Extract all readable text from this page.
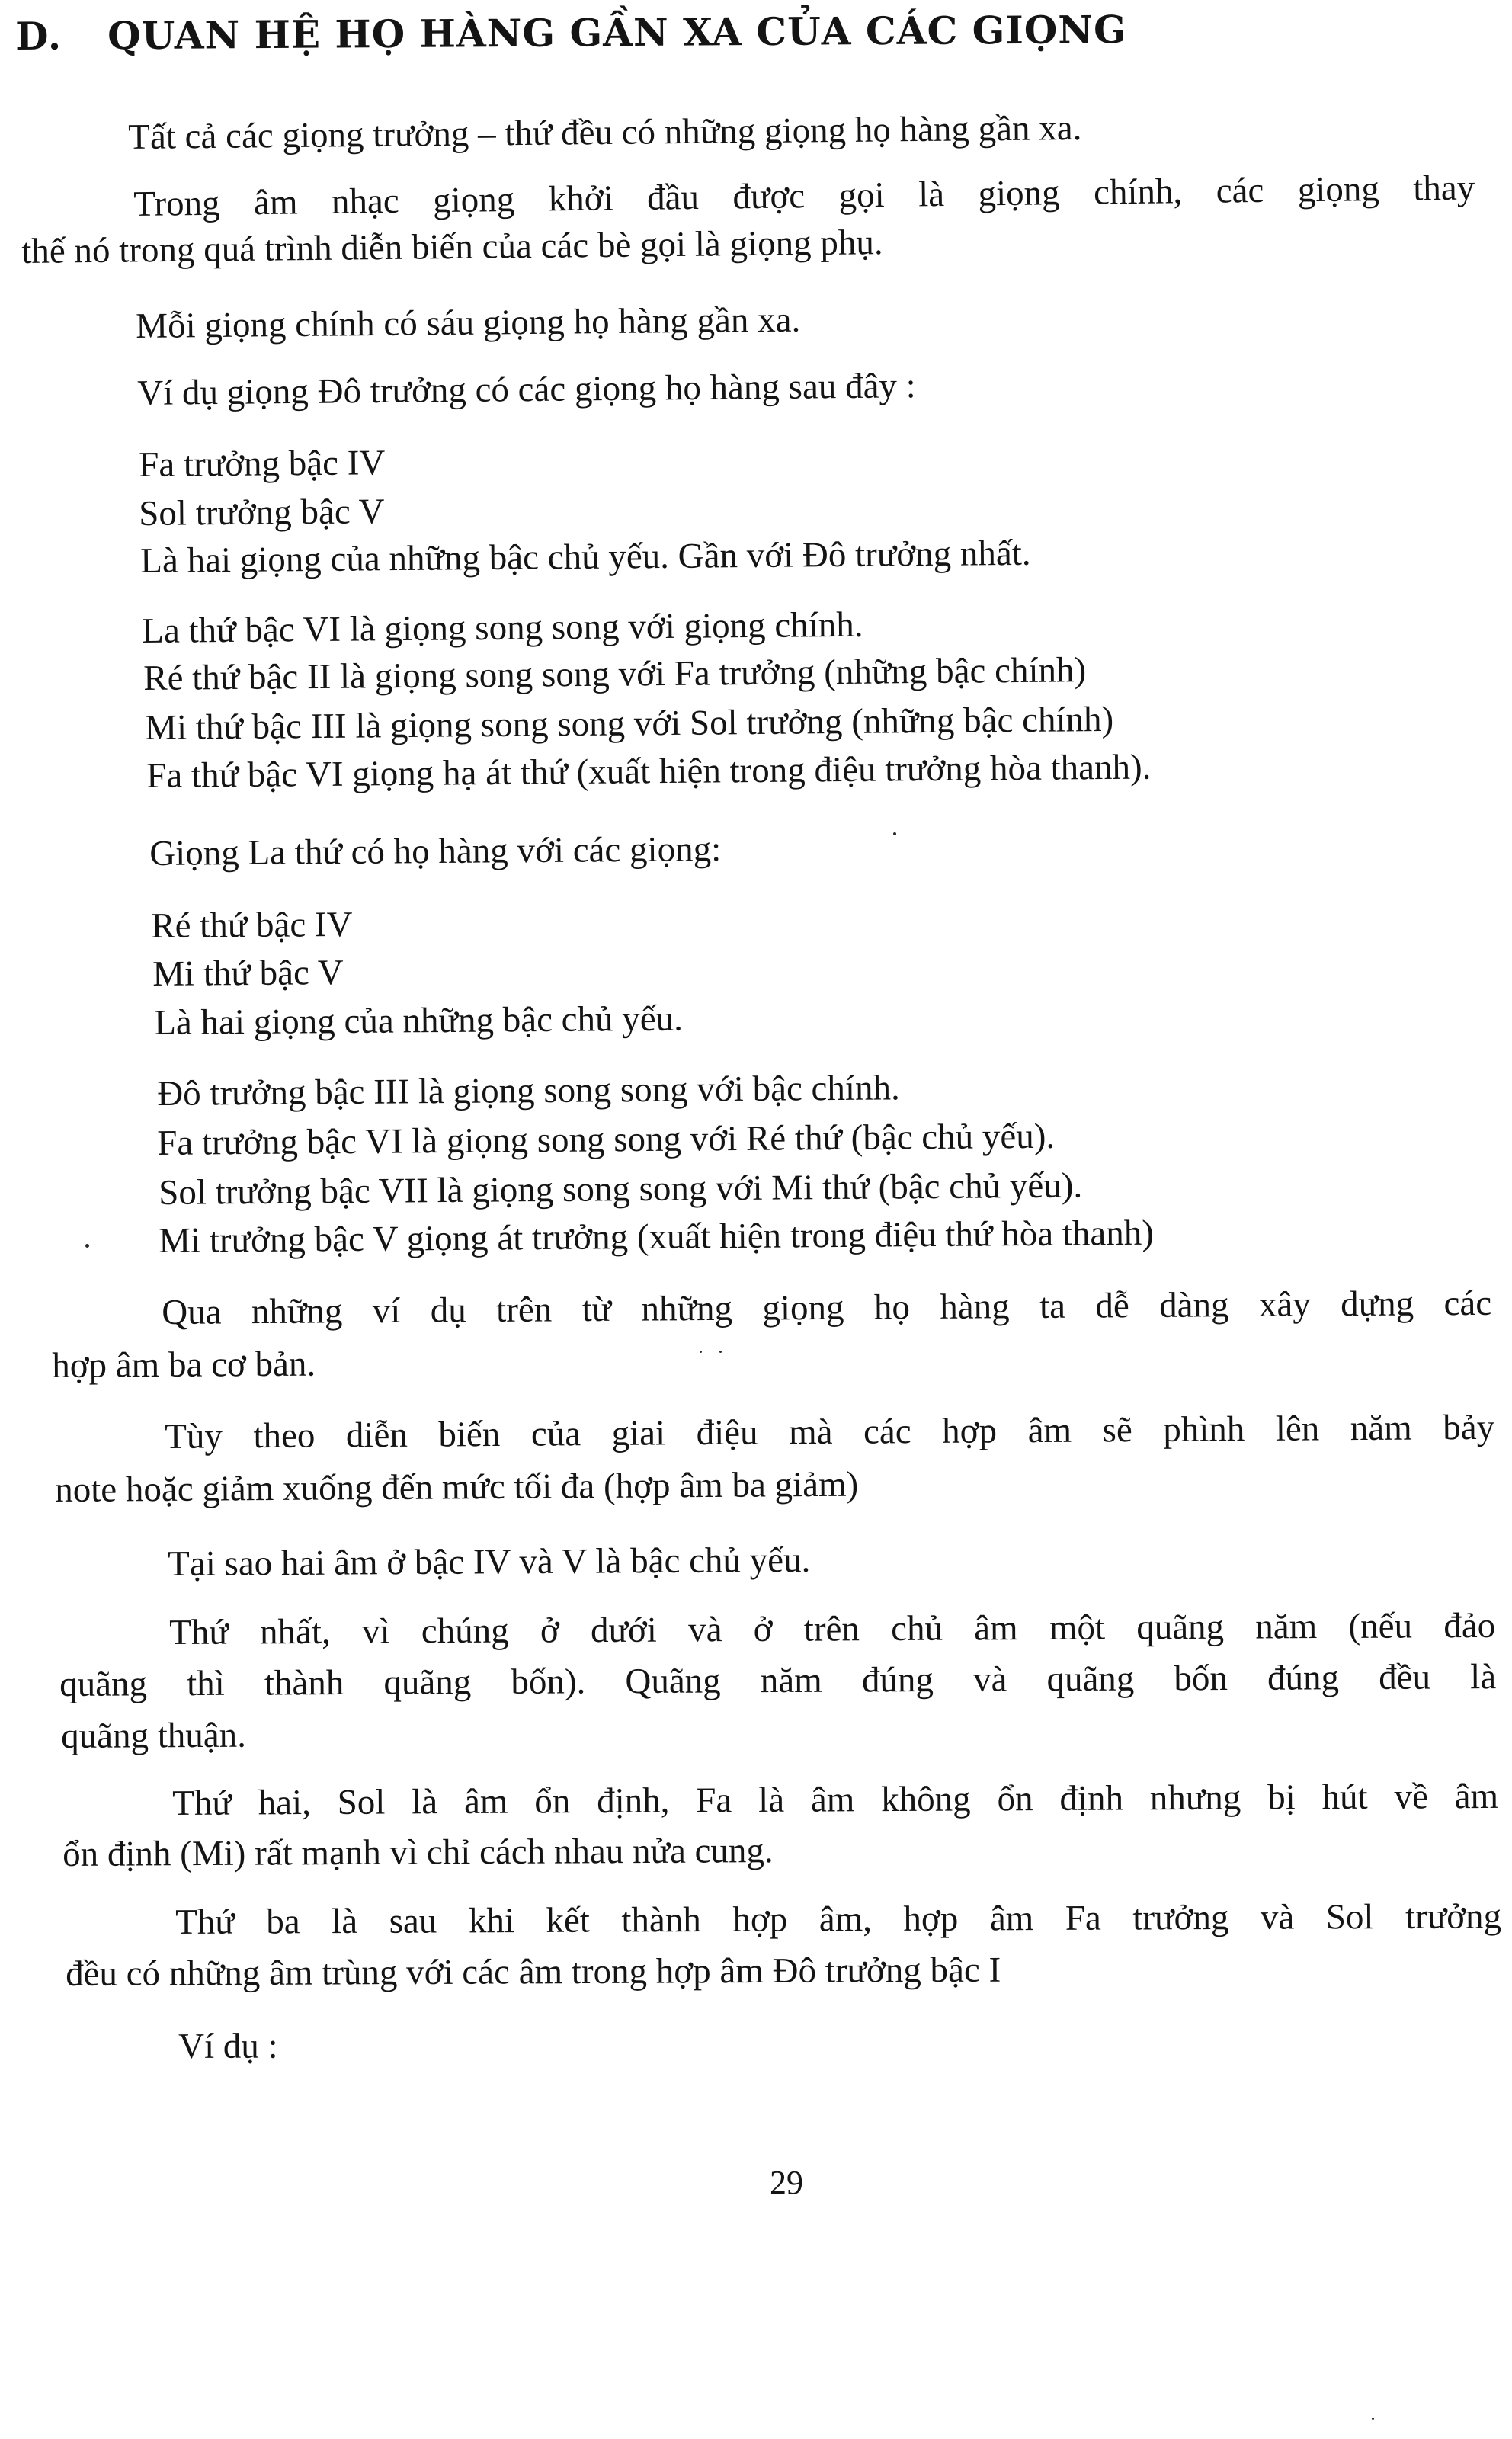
D. QUAN HỆ HỌ HÀNG GẦN XA CỦA CÁC GIỌNG
Tất cả các giọng trưởng – thứ đều có những giọng họ hàng gần xa.
Trong âm nhạc giọng khởi đầu được gọi là giọng chính, các giọng thay
thế nó trong quá trình diễn biến của các bè gọi là giọng phụ.
Mỗi giọng chính có sáu giọng họ hàng gần xa.
Ví dụ giọng Đô trưởng có các giọng họ hàng sau đây :
Fa trưởng bậc IV
Sol trưởng bậc V
Là hai giọng của những bậc chủ yếu. Gần với Đô trưởng nhất.
La thứ bậc VI là giọng song song với giọng chính.
Ré thứ bậc II là giọng song song với Fa trưởng (những bậc chính)
Mi thứ bậc III là giọng song song với Sol trưởng (những bậc chính)
Fa thứ bậc VI giọng hạ át thứ (xuất hiện trong điệu trưởng hòa thanh).
Giọng La thứ có họ hàng với các giọng:
Ré thứ bậc IV
Mi thứ bậc V
Là hai giọng của những bậc chủ yếu.
Đô trưởng bậc III là giọng song song với bậc chính.
Fa trưởng bậc VI là giọng song song với Ré thứ (bậc chủ yếu).
Sol trưởng bậc VII là giọng song song với Mi thứ (bậc chủ yếu).
Mi trưởng bậc V giọng át trưởng (xuất hiện trong điệu thứ hòa thanh)
Qua những ví dụ trên từ những giọng họ hàng ta dễ dàng xây dựng các
hợp âm ba cơ bản.
Tùy theo diễn biến của giai điệu mà các hợp âm sẽ phình lên năm bảy
note hoặc giảm xuống đến mức tối đa (hợp âm ba giảm)
Tại sao hai âm ở bậc IV và V là bậc chủ yếu.
Thứ nhất, vì chúng ở dưới và ở trên chủ âm một quãng năm (nếu đảo
quãng thì thành quãng bốn). Quãng năm đúng và quãng bốn đúng đều là
quãng thuận.
Thứ hai, Sol là âm ổn định, Fa là âm không ổn định nhưng bị hút về âm
ổn định (Mi) rất mạnh vì chỉ cách nhau nửa cung.
Thứ ba là sau khi kết thành hợp âm, hợp âm Fa trưởng và Sol trưởng
đều có những âm trùng với các âm trong hợp âm Đô trưởng bậc I
Ví dụ :
29
